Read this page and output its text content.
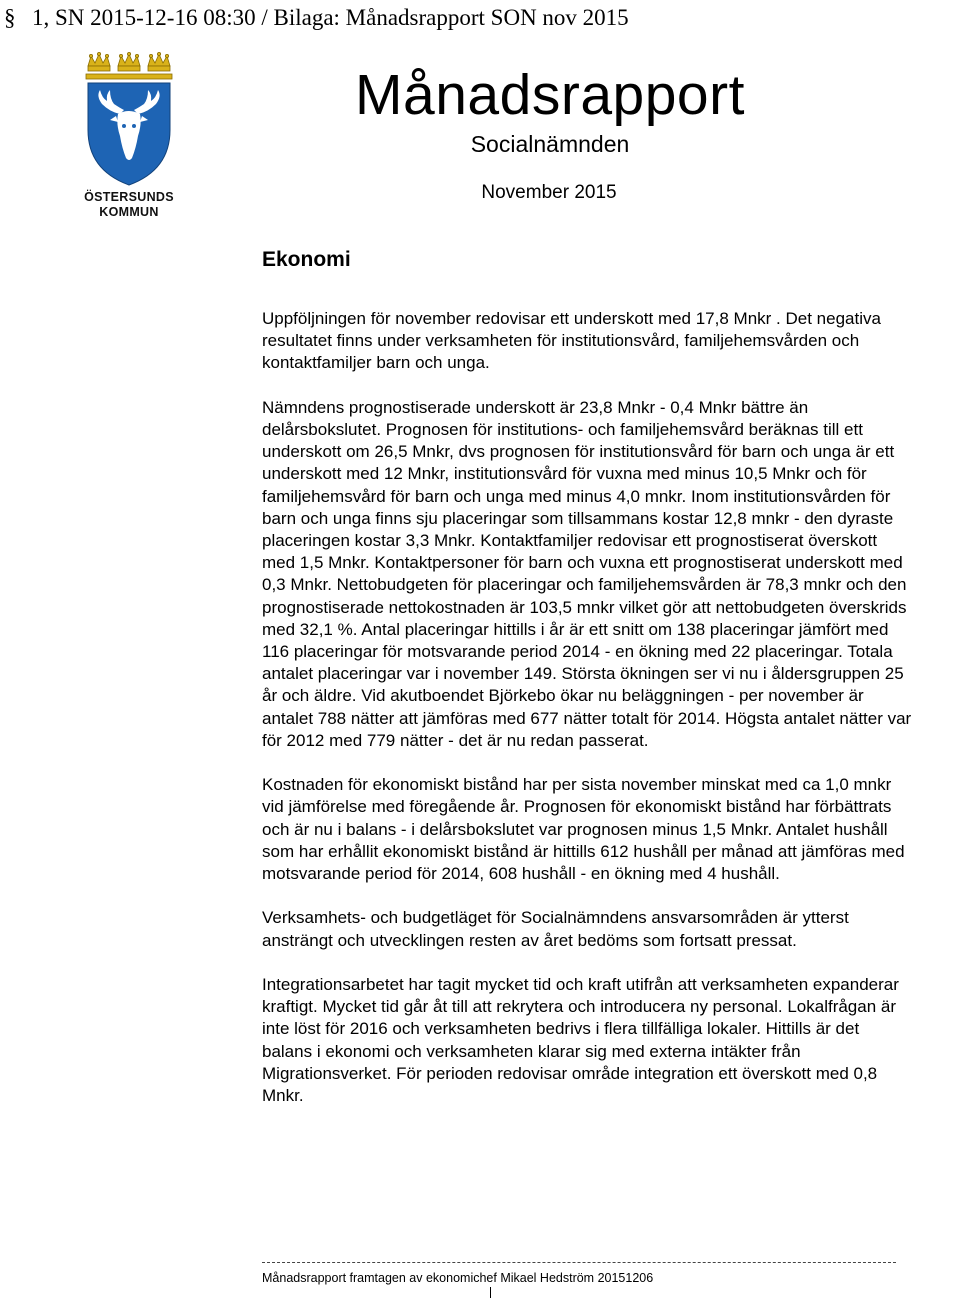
§ 1, SN 2015-12-16 08:30 / Bilaga: Månadsrapport SON nov 2015
ÖSTERSUNDS
KOMMUN
Månadsrapport
Socialnämnden
November 2015
Ekonomi

Uppföljningen för november redovisar ett underskott med 17,8 Mnkr . Det negativa resultatet finns under verksamheten för institutionsvård, familjehemsvården och kontaktfamiljer barn och unga.

Nämndens prognostiserade underskott är 23,8 Mnkr - 0,4 Mnkr bättre än delårsbokslutet. Prognosen för institutions- och familjehemsvård beräknas till ett underskott om 26,5 Mnkr, dvs prognosen för institutionsvård för barn och unga är ett underskott med 12 Mnkr, institutionsvård för vuxna med minus 10,5 Mnkr och för familjehemsvård för barn och unga med minus 4,0 mnkr. Inom institutionsvården för barn och unga finns sju placeringar som tillsammans kostar 12,8 mnkr - den dyraste placeringen kostar 3,3 Mnkr. Kontaktfamiljer redovisar ett prognostiserat överskott med 1,5 Mnkr. Kontaktpersoner för barn och vuxna ett prognostiserat underskott med 0,3 Mnkr. Nettobudgeten för placeringar och familjehemsvården är 78,3 mnkr och den prognostiserade nettokostnaden är 103,5 mnkr vilket gör att nettobudgeten överskrids med 32,1 %. Antal placeringar hittills i år är ett snitt om 138 placeringar jämfört med 116 placeringar för motsvarande period 2014 - en ökning med 22 placeringar. Totala antalet placeringar var i november 149. Största ökningen ser vi nu i åldersgruppen 25 år och äldre. Vid akutboendet Björkebo ökar nu beläggningen - per november är antalet 788 nätter att jämföras med 677 nätter totalt för 2014. Högsta antalet nätter var för 2012 med 779 nätter - det är nu redan passerat.

Kostnaden för ekonomiskt bistånd har per sista november minskat med ca 1,0 mnkr vid jämförelse med föregående år. Prognosen för ekonomiskt bistånd har förbättrats och är nu i balans - i delårsbokslutet var prognosen minus 1,5 Mnkr. Antalet hushåll som har erhållit ekonomiskt bistånd är hittills 612 hushåll per månad att jämföras med motsvarande period för 2014, 608 hushåll - en ökning med 4 hushåll.

Verksamhets- och budgetläget för Socialnämndens ansvarsområden är ytterst ansträngt och utvecklingen resten av året bedöms som fortsatt pressat.

Integrationsarbetet har tagit mycket tid och kraft utifrån att verksamheten expanderar kraftigt. Mycket tid går åt till att rekrytera och introducera ny personal. Lokalfrågan är inte löst för 2016 och verksamheten bedrivs i flera tillfälliga lokaler. Hittills är det balans i ekonomi och verksamheten klarar sig med externa intäkter från Migrationsverket. För perioden redovisar område integration ett överskott med 0,8 Mnkr.

Månadsrapport framtagen av ekonomichef Mikael Hedström 20151206
